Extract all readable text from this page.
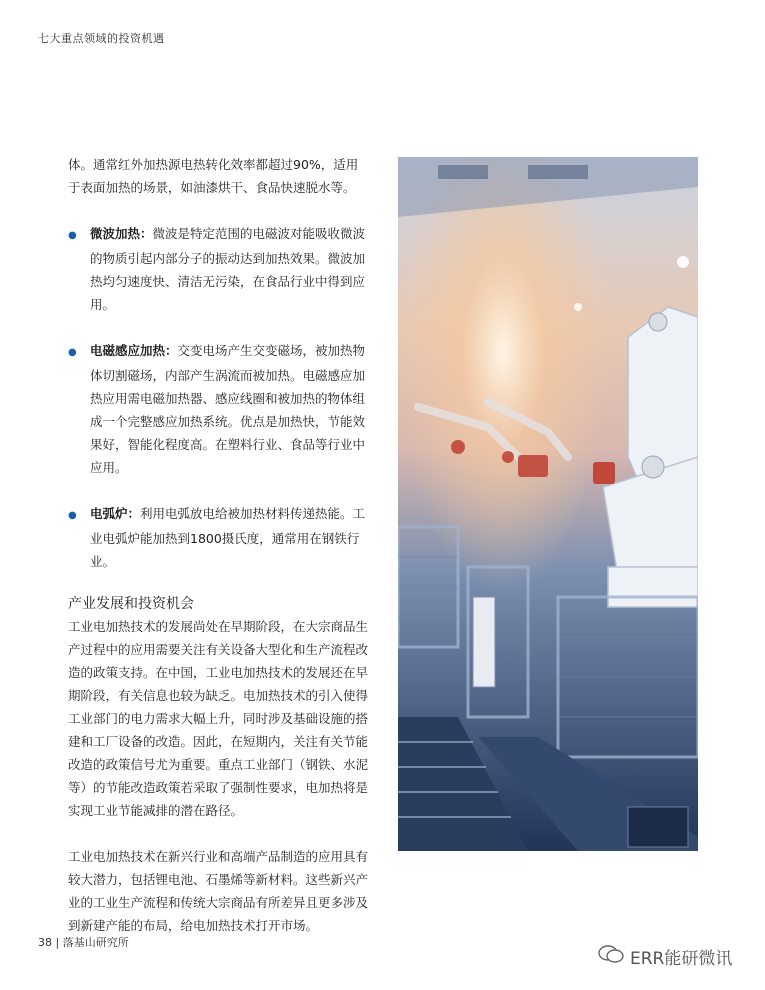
七大重点领域的投资机遇

体。通常红外加热源电热转化效率都超过90%，适用于表面加热的场景，如油漆烘干、食品快速脱水等。

● 微波加热：微波是特定范围的电磁波对能吸收微波的物质引起内部分子的振动达到加热效果。微波加热均匀速度快、清洁无污染，在食品行业中得到应用。

● 电磁感应加热：交变电场产生交变磁场，被加热物体切割磁场，内部产生涡流而被加热。电磁感应加热应用需电磁加热器、感应线圈和被加热的物体组成一个完整感应加热系统。优点是加热快，节能效果好，智能化程度高。在塑料行业、食品等行业中应用。

● 电弧炉：利用电弧放电给被加热材料传递热能。工业电弧炉能加热到1800摄氏度，通常用在钢铁行业。

产业发展和投资机会

工业电加热技术的发展尚处在早期阶段，在大宗商品生产过程中的应用需要关注有关设备大型化和生产流程改造的政策支持。在中国，工业电加热技术的发展还在早期阶段，有关信息也较为缺乏。电加热技术的引入使得工业部门的电力需求大幅上升，同时涉及基础设施的搭建和工厂设备的改造。因此，在短期内，关注有关节能改造的政策信号尤为重要。重点工业部门（钢铁、水泥等）的节能改造政策若采取了强制性要求，电加热将是实现工业节能减排的潜在路径。

工业电加热技术在新兴行业和高端产品制造的应用具有较大潜力，包括锂电池、石墨烯等新材料。这些新兴产业的工业生产流程和传统大宗商品有所差异且更多涉及到新建产能的布局，给电加热技术打开市场。

38 | 落基山研究所
ERR能研微讯
